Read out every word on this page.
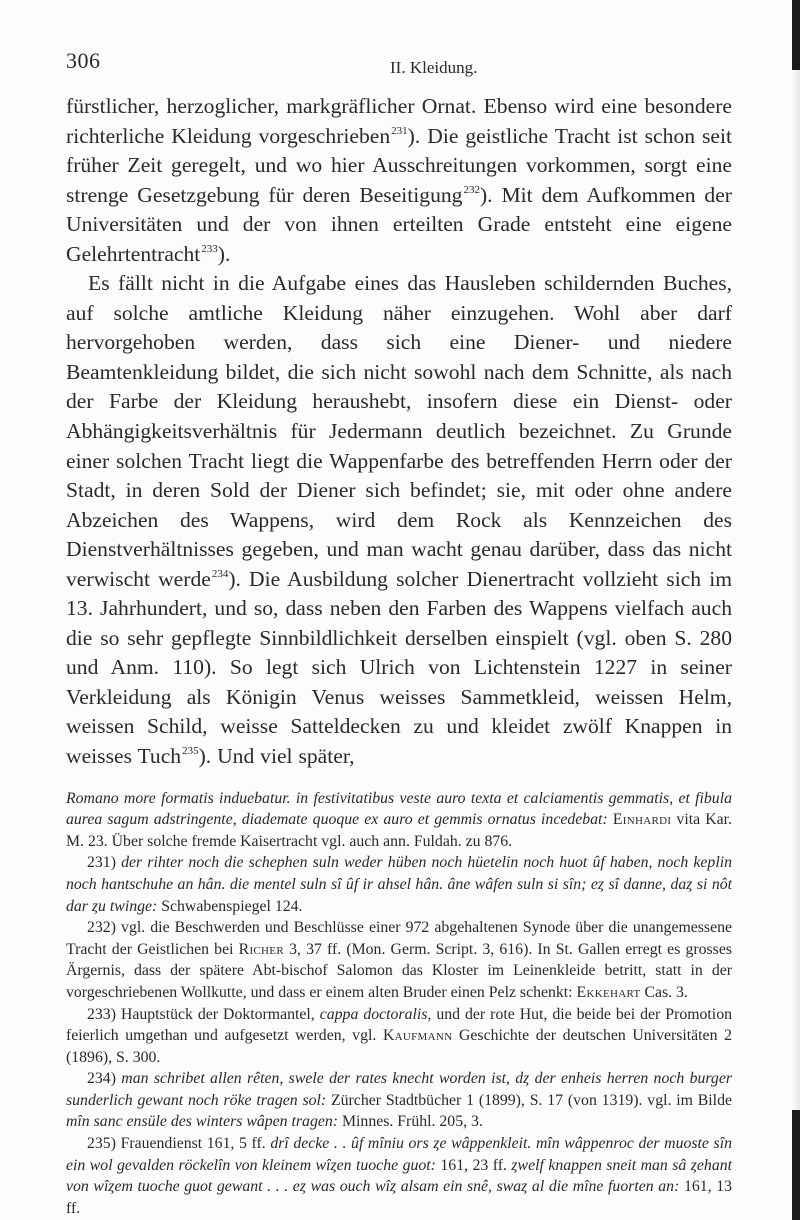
306	II. Kleidung.

fürstlicher, herzoglicher, markgräflicher Ornat. Ebenso wird eine besondere richterliche Kleidung vorgeschrieben$^{231}$). Die geistliche Tracht ist schon seit früher Zeit geregelt, und wo hier Ausschreitungen vorkommen, sorgt eine strenge Gesetzgebung für deren Beseitigung$^{232}$). Mit dem Aufkommen der Universitäten und der von ihnen erteilten Grade entsteht eine eigene Gelehrtentracht$^{233}$).

Es fällt nicht in die Aufgabe eines das Hausleben schildernden Buches, auf solche amtliche Kleidung näher einzugehen. Wohl aber darf hervorgehoben werden, dass sich eine Diener- und niedere Beamtenkleidung bildet, die sich nicht sowohl nach dem Schnitte, als nach der Farbe der Kleidung heraushebt, insofern diese ein Dienst- oder Abhängigkeitsverhältnis für Jedermann deutlich bezeichnet. Zu Grunde einer solchen Tracht liegt die Wappenfarbe des betreffenden Herrn oder der Stadt, in deren Sold der Diener sich befindet; sie, mit oder ohne andere Abzeichen des Wappens, wird dem Rock als Kennzeichen des Dienstverhältnisses gegeben, und man wacht genau darüber, dass das nicht verwischt werde$^{234}$). Die Ausbildung solcher Dienertracht vollzieht sich im 13. Jahrhundert, und so, dass neben den Farben des Wappens vielfach auch die so sehr gepflegte Sinnbildlichkeit derselben einspielt (vgl. oben S. 280 und Anm. 110). So legt sich Ulrich von Lichtenstein 1227 in seiner Verkleidung als Königin Venus weisses Sammetkleid, weissen Helm, weissen Schild, weisse Satteldecken zu und kleidet zwölf Knappen in weisses Tuch$^{235}$). Und viel später,

Romano more formatis induebatur. in festivitatibus veste auro texta et calciamentis gemmatis, et fibula aurea sagum adstringente, diademate quoque ex auro et gemmis ornatus incedebat: Einhardi vita Kar. M. 23. Über solche fremde Kaisertracht vgl. auch ann. Fuldah. zu 876.

231) der rihter noch die schephen suln weder hüben noch hüetelin noch huot ûf haben, noch keplin noch hantschuhe an hân. die mentel suln sî ûf ir ahsel hân. âne wâfen suln si sîn; eȥ sî danne, daȥ si nôt dar ȥu twinge: Schwabenspiegel 124.

232) vgl. die Beschwerden und Beschlüsse einer 972 abgehaltenen Synode über die unangemessene Tracht der Geistlichen bei Richer 3, 37 ff. (Mon. Germ. Script. 3, 616). In St. Gallen erregt es grosses Ärgernis, dass der spätere Abt-bischof Salomon das Kloster im Leinenkleide betritt, statt in der vorgeschriebenen Wollkutte, und dass er einem alten Bruder einen Pelz schenkt: Ekkehart Cas. 3.

233) Hauptstück der Doktormantel, cappa doctoralis, und der rote Hut, die beide bei der Promotion feierlich umgethan und aufgesetzt werden, vgl. Kaufmann Geschichte der deutschen Universitäten 2 (1896), S. 300.

234) man schribet allen rêten, swele der rates knecht worden ist, dȥ der enheis herren noch burger sunderlich gewant noch röke tragen sol: Zürcher Stadtbücher 1 (1899), S. 17 (von 1319). vgl. im Bilde mîn sanc ensüle des winters wâpen tragen: Minnes. Frühl. 205, 3.

235) Frauendienst 161, 5 ff. drî decke . . ûf mîniu ors ȥe wâppenkleit. mîn wâppenroc der muoste sîn ein wol gevalden röckelîn von kleinem wîȥen tuoche guot: 161, 23 ff. ȥwelf knappen sneit man sâ ȥehant von wîȥem tuoche guot gewant . . . eȥ was ouch wîȥ alsam ein snê, swaȥ al die mîne fuorten an: 161, 13 ff.
